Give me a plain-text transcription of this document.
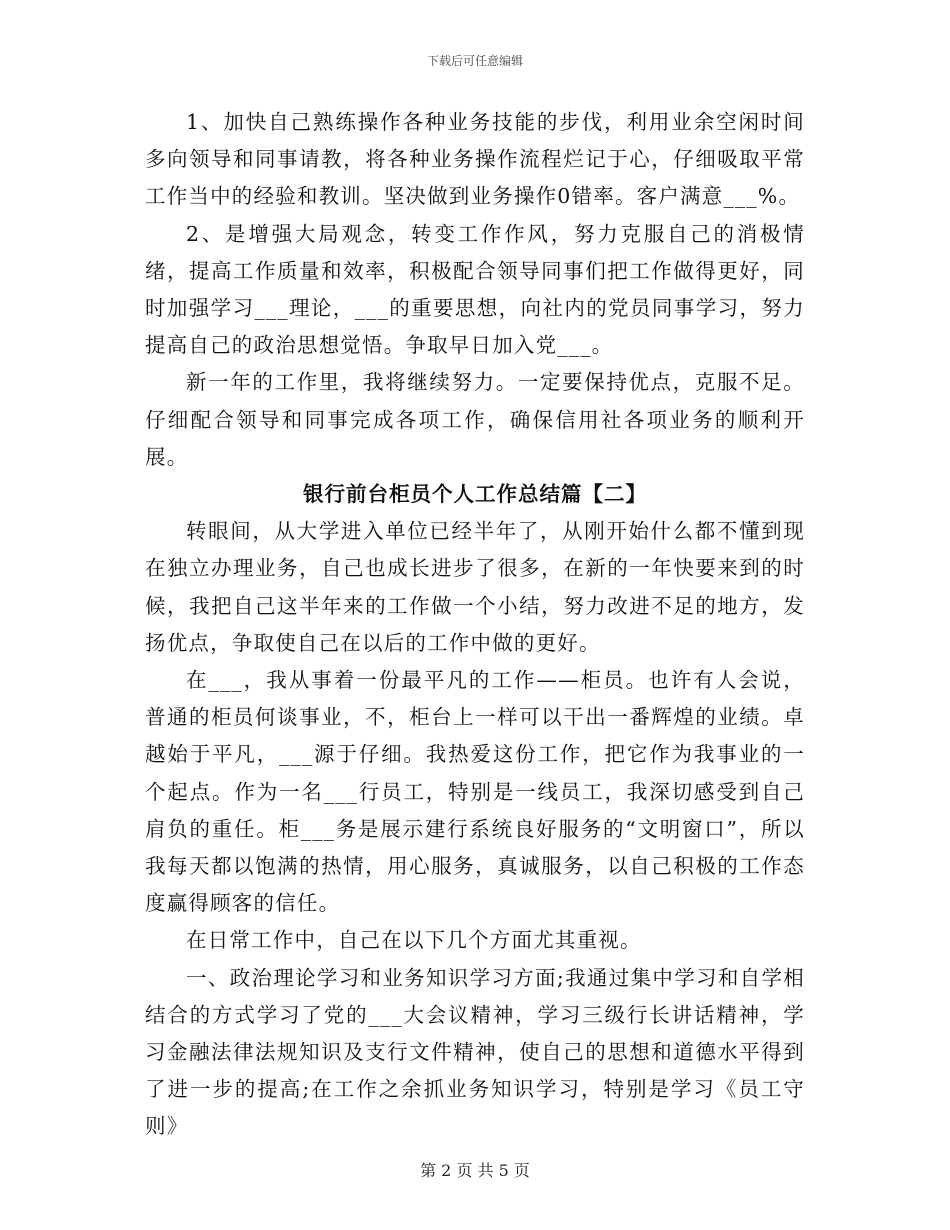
下载后可任意编辑

1、加快自己熟练操作各种业务技能的步伐，利用业余空闲时间多向领导和同事请教，将各种业务操作流程烂记于心，仔细吸取平常工作当中的经验和教训。坚决做到业务操作0错率。客户满意___%。

2、是增强大局观念，转变工作作风，努力克服自己的消极情绪，提高工作质量和效率，积极配合领导同事们把工作做得更好，同时加强学习___理论，___的重要思想，向社内的党员同事学习，努力提高自己的政治思想觉悟。争取早日加入党___。

新一年的工作里，我将继续努力。一定要保持优点，克服不足。仔细配合领导和同事完成各项工作，确保信用社各项业务的顺利开展。

银行前台柜员个人工作总结篇【二】

转眼间，从大学进入单位已经半年了，从刚开始什么都不懂到现在独立办理业务，自己也成长进步了很多，在新的一年快要来到的时候，我把自己这半年来的工作做一个小结，努力改进不足的地方，发扬优点，争取使自己在以后的工作中做的更好。

在___，我从事着一份最平凡的工作——柜员。也许有人会说，普通的柜员何谈事业，不，柜台上一样可以干出一番辉煌的业绩。卓越始于平凡，___源于仔细。我热爱这份工作，把它作为我事业的一个起点。作为一名___行员工，特别是一线员工，我深切感受到自己肩负的重任。柜___务是展示建行系统良好服务的“文明窗口”，所以我每天都以饱满的热情，用心服务，真诚服务，以自己积极的工作态度赢得顾客的信任。

在日常工作中，自己在以下几个方面尤其重视。

一、政治理论学习和业务知识学习方面;我通过集中学习和自学相结合的方式学习了党的___大会议精神，学习三级行长讲话精神，学习金融法律法规知识及支行文件精神，使自己的思想和道德水平得到了进一步的提高;在工作之余抓业务知识学习，特别是学习《员工守则》

第 2 页 共 5 页
